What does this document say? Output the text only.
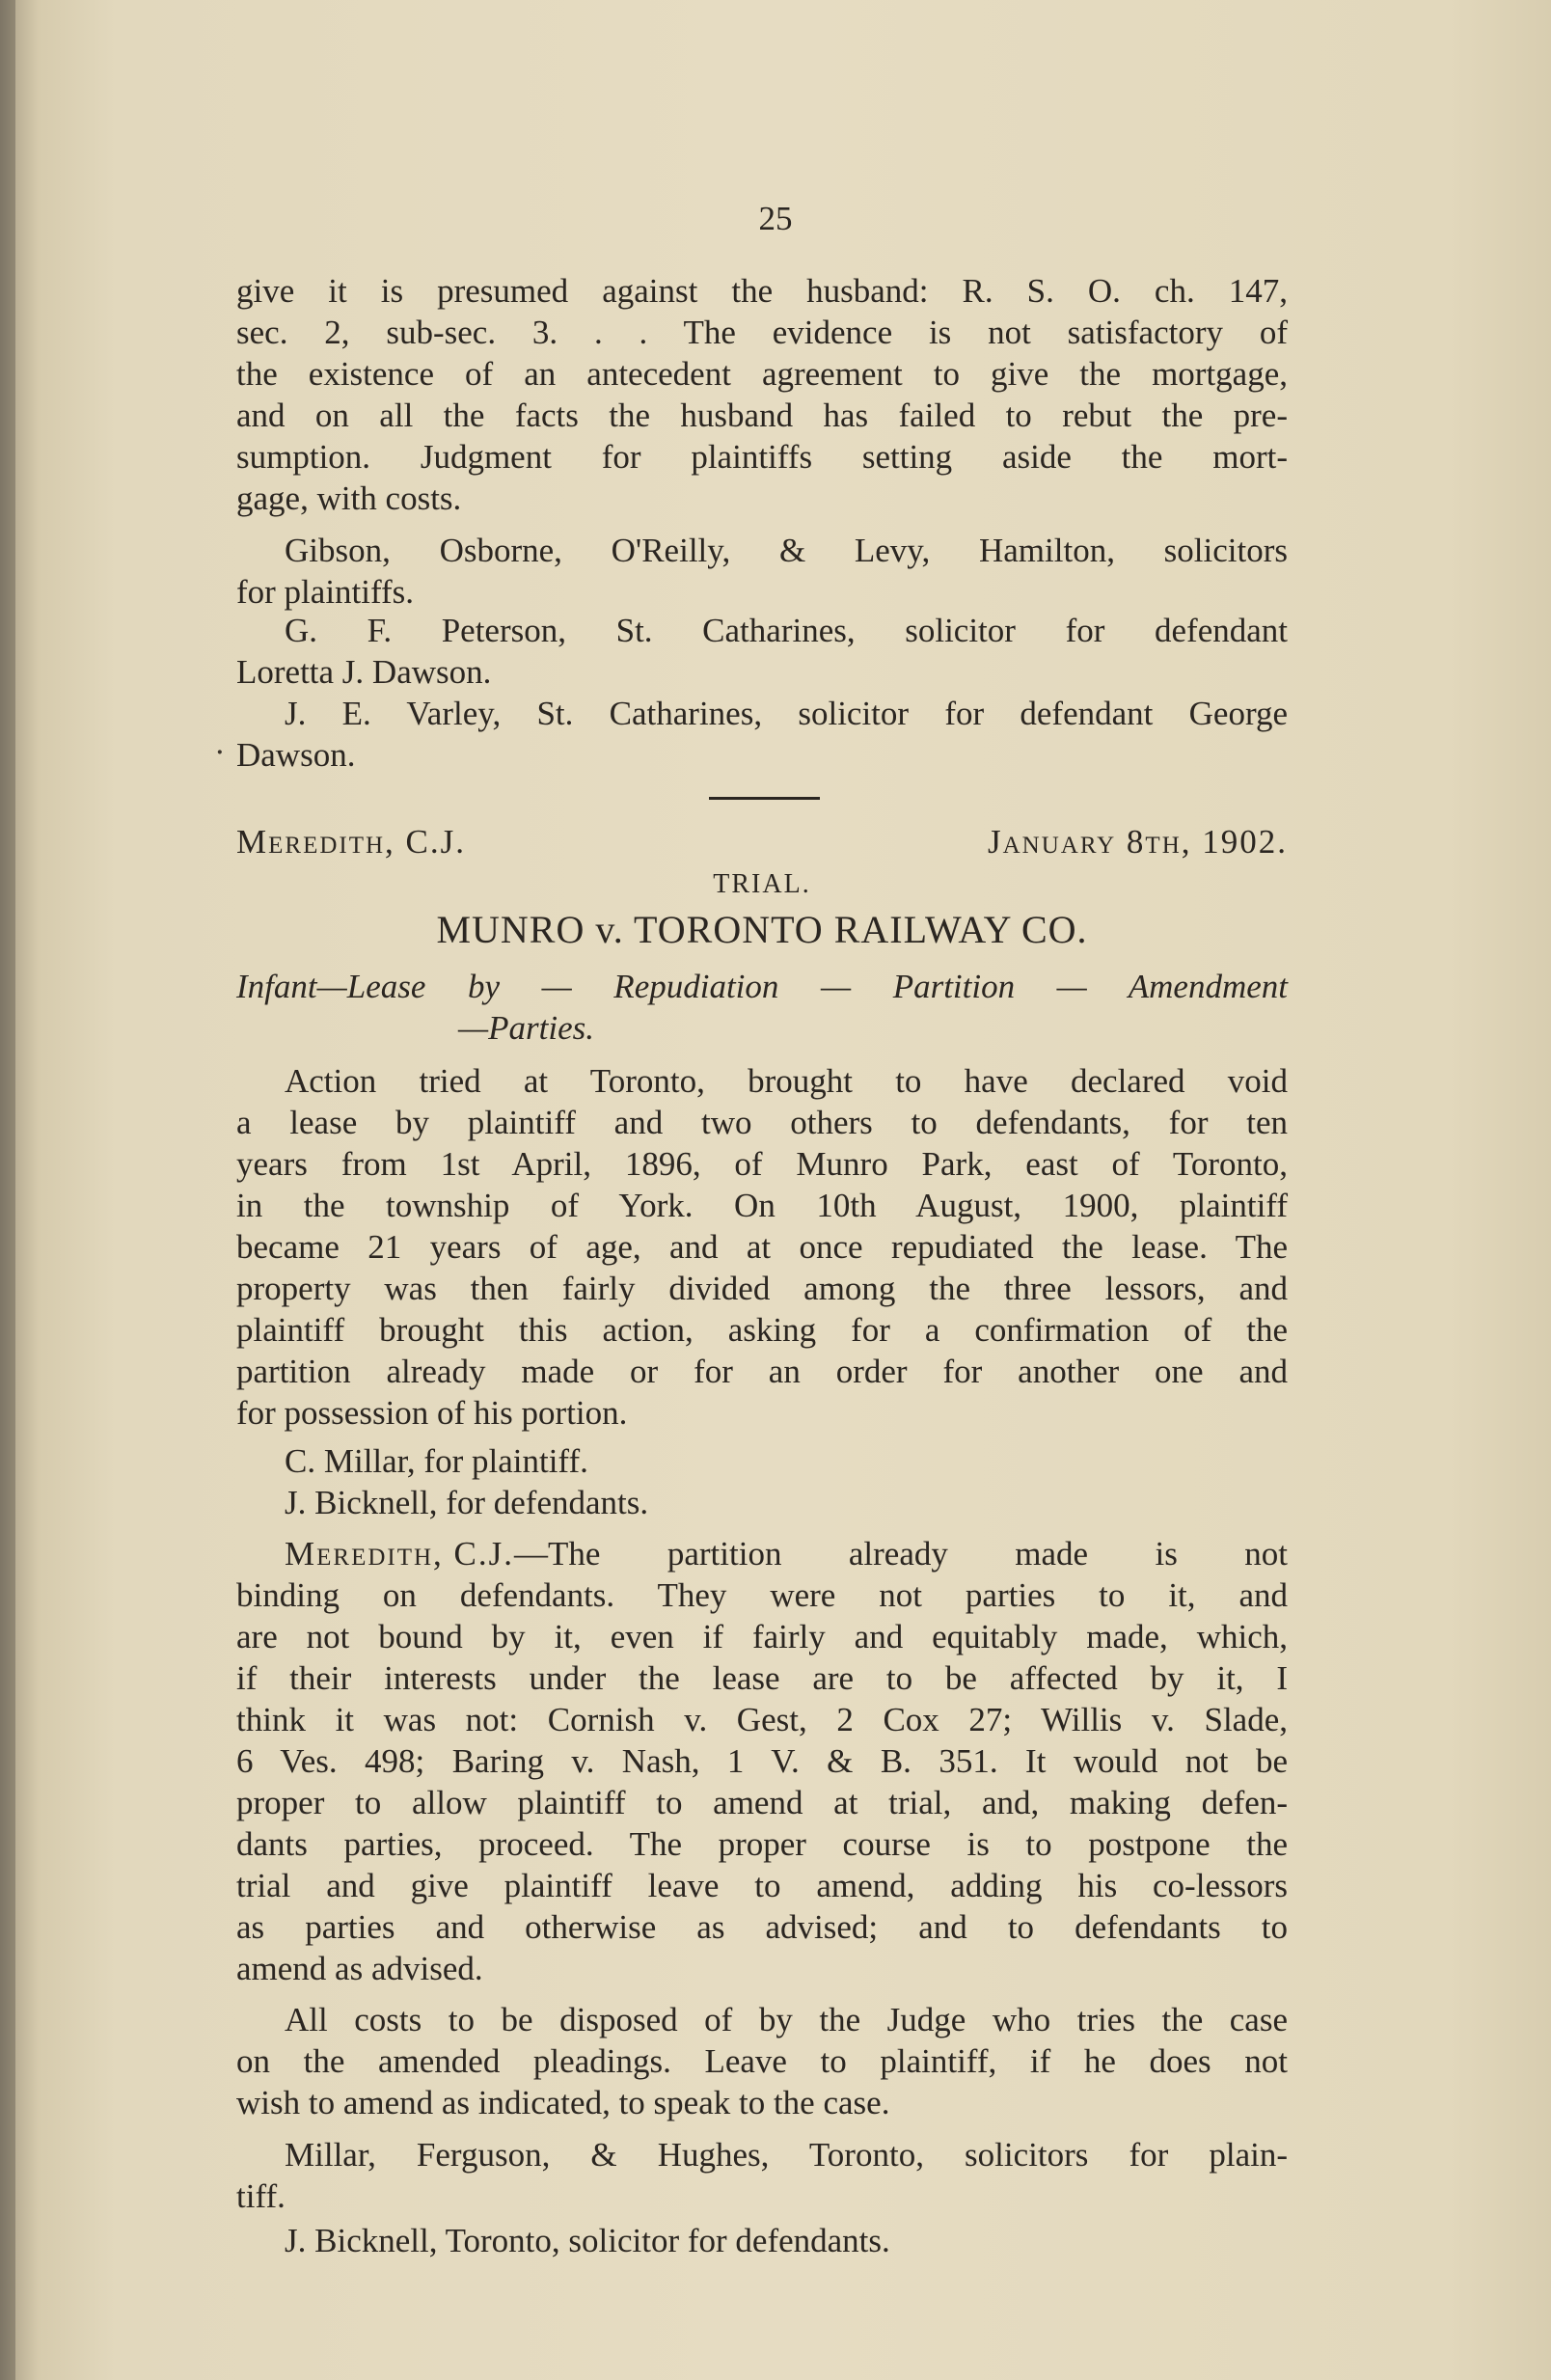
25
give it is presumed against the husband: R. S. O. ch. 147,
sec. 2, sub-sec. 3. . . The evidence is not satisfactory of
the existence of an antecedent agreement to give the mortgage,
and on all the facts the husband has failed to rebut the pre-
sumption. Judgment for plaintiffs setting aside the mort-
gage, with costs.
Gibson, Osborne, O'Reilly, & Levy, Hamilton, solicitors
for plaintiffs.
G. F. Peterson, St. Catharines, solicitor for defendant
Loretta J. Dawson.
J. E. Varley, St. Catharines, solicitor for defendant George
Dawson.
·
Meredith, C.J.	January 8th, 1902.
TRIAL.
MUNRO v. TORONTO RAILWAY CO.
Infant—Lease by — Repudiation — Partition — Amendment
—Parties.
Action tried at Toronto, brought to have declared void
a lease by plaintiff and two others to defendants, for ten
years from 1st April, 1896, of Munro Park, east of Toronto,
in the township of York. On 10th August, 1900, plaintiff
became 21 years of age, and at once repudiated the lease. The
property was then fairly divided among the three lessors, and
plaintiff brought this action, asking for a confirmation of the
partition already made or for an order for another one and
for possession of his portion.
C. Millar, for plaintiff.
J. Bicknell, for defendants.
Meredith, C.J. —The partition already made is not
binding on defendants. They were not parties to it, and
are not bound by it, even if fairly and equitably made, which,
if their interests under the lease are to be affected by it, I
think it was not: Cornish v. Gest, 2 Cox 27; Willis v. Slade,
6 Ves. 498; Baring v. Nash, 1 V. & B. 351. It would not be
proper to allow plaintiff to amend at trial, and, making defen-
dants parties, proceed. The proper course is to postpone the
trial and give plaintiff leave to amend, adding his co-lessors
as parties and otherwise as advised; and to defendants to
amend as advised.
All costs to be disposed of by the Judge who tries the case
on the amended pleadings. Leave to plaintiff, if he does not
wish to amend as indicated, to speak to the case.
Millar, Ferguson, & Hughes, Toronto, solicitors for plain-
tiff.
J. Bicknell, Toronto, solicitor for defendants.
